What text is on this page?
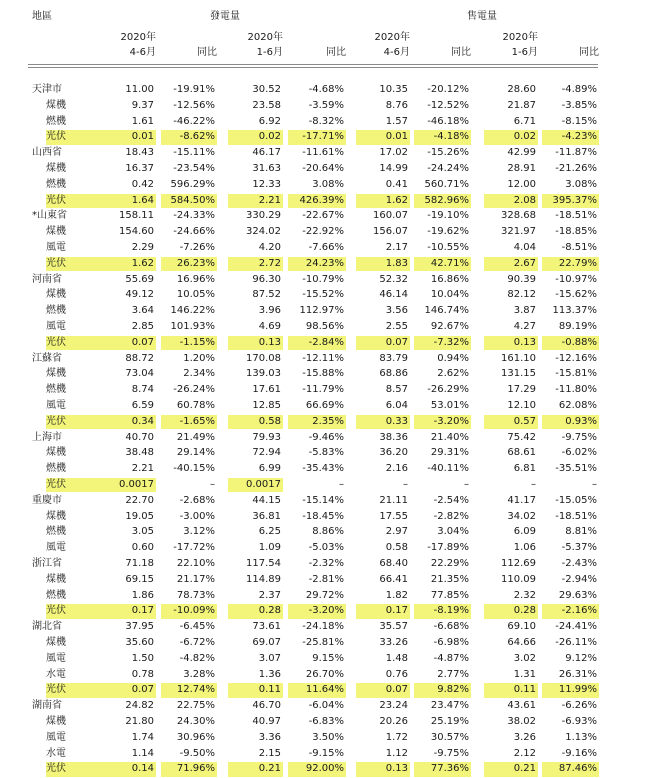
地區	發電量	售電量
2020年
4-6月	同比
2020年
1-6月	同比
2020年
4-6月	同比
2020年
1-6月	同比
天津市	11.00	-19.91%	30.52	-4.68%	10.35	-20.12%	28.60	-4.89%
煤機	9.37	-12.56%	23.58	-3.59%	8.76	-12.52%	21.87	-3.85%
燃機	1.61	-46.22%	6.92	-8.32%	1.57	-46.18%	6.71	-8.15%
光伏	0.01	-8.62%	0.02	-17.71%	0.01	-4.18%	0.02	-4.23%
山西省	18.43	-15.11%	46.17	-11.61%	17.02	-15.26%	42.99	-11.87%
煤機	16.37	-23.54%	31.63	-20.64%	14.99	-24.24%	28.91	-21.26%
燃機	0.42	596.29%	12.33	3.08%	0.41	560.71%	12.00	3.08%
光伏	1.64	584.50%	2.21	426.39%	1.62	582.96%	2.08	395.37%
*山東省	158.11	-24.33%	330.29	-22.67%	160.07	-19.10%	328.68	-18.51%
煤機	154.60	-24.66%	324.02	-22.92%	156.07	-19.62%	321.97	-18.85%
風電	2.29	-7.26%	4.20	-7.66%	2.17	-10.55%	4.04	-8.51%
光伏	1.62	26.23%	2.72	24.23%	1.83	42.71%	2.67	22.79%
河南省	55.69	16.96%	96.30	-10.79%	52.32	16.86%	90.39	-10.97%
煤機	49.12	10.05%	87.52	-15.52%	46.14	10.04%	82.12	-15.62%
燃機	3.64	146.22%	3.96	112.97%	3.56	146.74%	3.87	113.37%
風電	2.85	101.93%	4.69	98.56%	2.55	92.67%	4.27	89.19%
光伏	0.07	-1.15%	0.13	-2.84%	0.07	-7.32%	0.13	-0.88%
江蘇省	88.72	1.20%	170.08	-12.11%	83.79	0.94%	161.10	-12.16%
煤機	73.04	2.34%	139.03	-15.88%	68.86	2.62%	131.15	-15.81%
燃機	8.74	-26.24%	17.61	-11.79%	8.57	-26.29%	17.29	-11.80%
風電	6.59	60.78%	12.85	66.69%	6.04	53.01%	12.10	62.08%
光伏	0.34	-1.65%	0.58	2.35%	0.33	-3.20%	0.57	0.93%
上海市	40.70	21.49%	79.93	-9.46%	38.36	21.40%	75.42	-9.75%
煤機	38.48	29.14%	72.94	-5.83%	36.20	29.31%	68.61	-6.02%
燃機	2.21	-40.15%	6.99	-35.43%	2.16	-40.11%	6.81	-35.51%
光伏	0.0017	–	0.0017	–	–	–	–	–
重慶市	22.70	-2.68%	44.15	-15.14%	21.11	-2.54%	41.17	-15.05%
煤機	19.05	-3.00%	36.81	-18.45%	17.55	-2.82%	34.02	-18.51%
燃機	3.05	3.12%	6.25	8.86%	2.97	3.04%	6.09	8.81%
風電	0.60	-17.72%	1.09	-5.03%	0.58	-17.89%	1.06	-5.37%
浙江省	71.18	22.10%	117.54	-2.32%	68.40	22.29%	112.69	-2.43%
煤機	69.15	21.17%	114.89	-2.81%	66.41	21.35%	110.09	-2.94%
燃機	1.86	78.73%	2.37	29.72%	1.82	77.85%	2.32	29.63%
光伏	0.17	-10.09%	0.28	-3.20%	0.17	-8.19%	0.28	-2.16%
湖北省	37.95	-6.45%	73.61	-24.18%	35.57	-6.68%	69.10	-24.41%
煤機	35.60	-6.72%	69.07	-25.81%	33.26	-6.98%	64.66	-26.11%
風電	1.50	-4.82%	3.07	9.15%	1.48	-4.87%	3.02	9.12%
水電	0.78	3.28%	1.36	26.70%	0.76	2.77%	1.31	26.31%
光伏	0.07	12.74%	0.11	11.64%	0.07	9.82%	0.11	11.99%
湖南省	24.82	22.75%	46.70	-6.04%	23.24	23.47%	43.61	-6.26%
煤機	21.80	24.30%	40.97	-6.83%	20.26	25.19%	38.02	-6.93%
風電	1.74	30.96%	3.36	3.50%	1.72	30.57%	3.26	1.13%
水電	1.14	-9.50%	2.15	-9.15%	1.12	-9.75%	2.12	-9.16%
光伏	0.14	71.96%	0.21	92.00%	0.13	77.36%	0.21	87.46%
